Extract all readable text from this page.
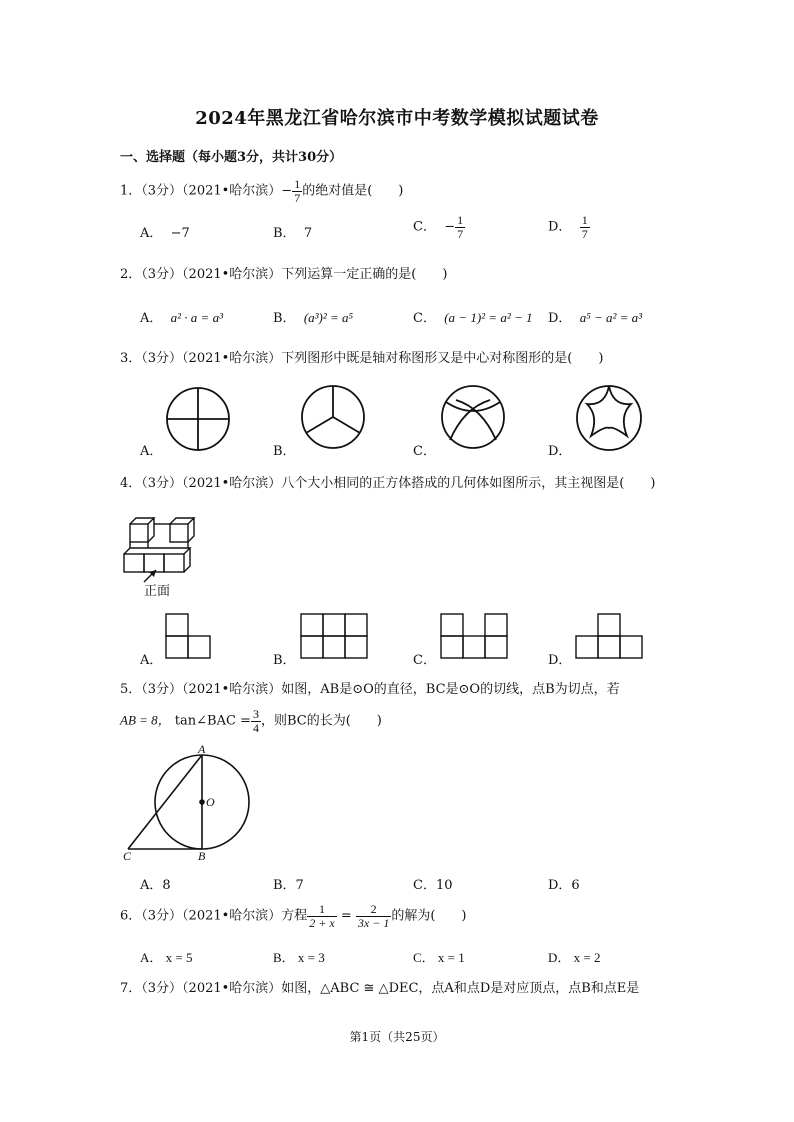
2024年黑龙江省哈尔滨市中考数学模拟试题试卷
一、选择题（每小题3分，共计30分）
1．（3分）（2021•哈尔滨）− $\frac{1}{7}$ 的绝对值是(　　)
A． −7	B． 7	C． − $\frac{1}{7}$	D． $\frac{1}{7}$
2．（3分）（2021•哈尔滨）下列运算一定正确的是(　　)
A． a² · a = a³	B． (a³)² = a⁵	C． (a − 1)² = a² − 1 D． a⁵ − a² = a³
3．（3分）（2021•哈尔滨）下列图形中既是轴对称图形又是中心对称图形的是(　　)
A．	B．	C．	D．
4．（3分）（2021•哈尔滨）八个大小相同的正方体搭成的几何体如图所示，其主视图是(　　)
正面
A．	B．	C．	D．
5．（3分）（2021•哈尔滨）如图，AB是⊙O的直径，BC是⊙O的切线，点B为切点，若
AB = 8， tan∠BAC = $\frac{3}{4}$ ，则BC的长为(　　)
A
O
B
C
A．8	B．7	C．10	D．6
6．（3分）（2021•哈尔滨）方程 $\frac{1}{2 + x} = \frac{2}{3x - 1}$ 的解为(　　)
A． x = 5	B． x = 3	C． x = 1	D． x = 2
7．（3分）（2021•哈尔滨）如图，△ABC ≅ △DEC，点A和点D是对应顶点，点B和点E是
第1页（共25页）
